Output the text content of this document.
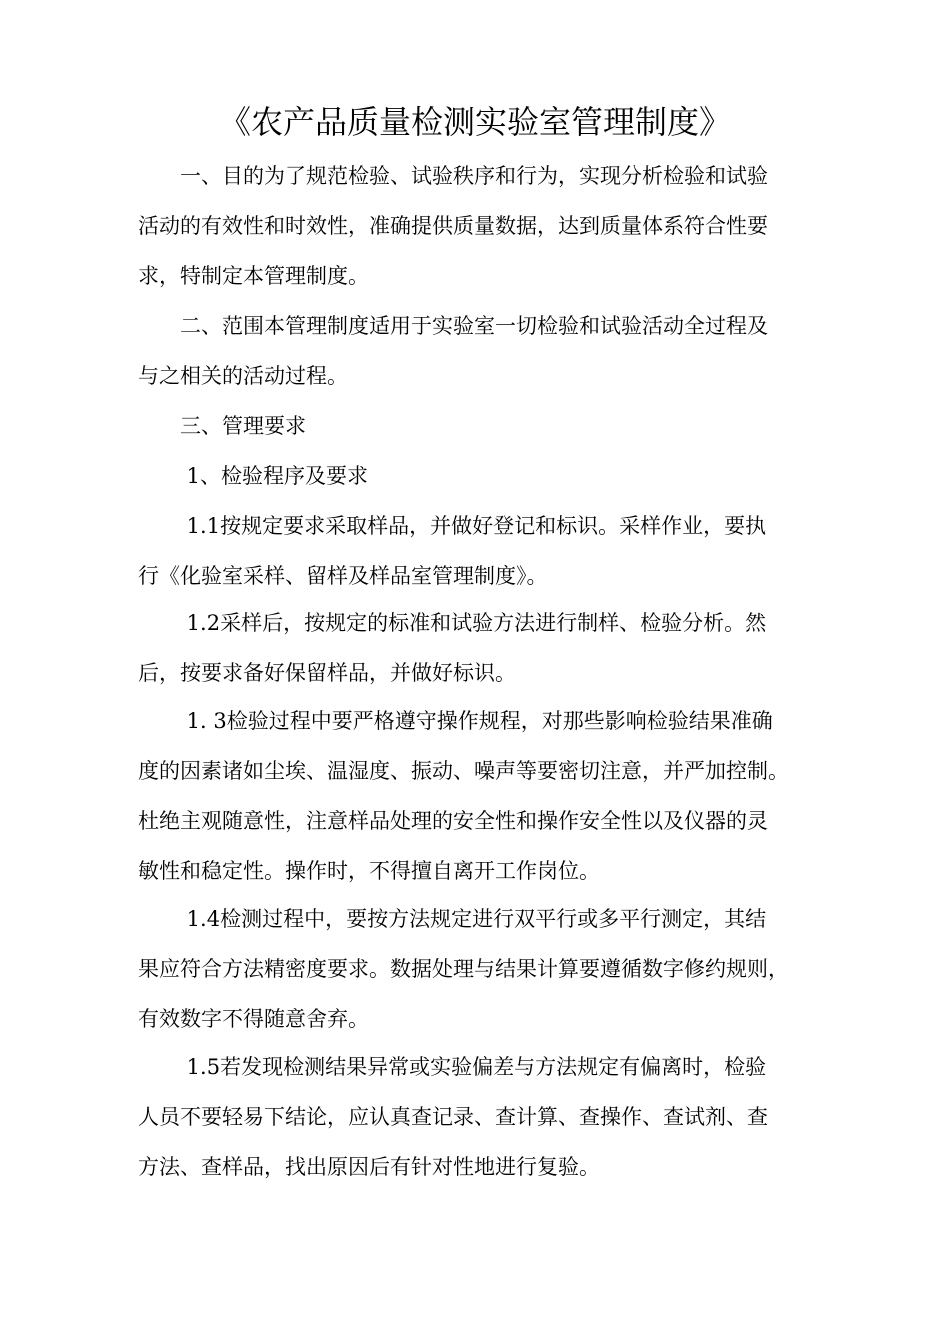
《农产品质量检测实验室管理制度》
　　一、目的为了规范检验、试验秩序和行为，实现分析检验和试验
活动的有效性和时效性，准确提供质量数据，达到质量体系符合性要
求，特制定本管理制度。
　　二、范围本管理制度适用于实验室一切检验和试验活动全过程及
与之相关的活动过程。
　　三、管理要求
　　 1、检验程序及要求
　　 1.1按规定要求采取样品，并做好登记和标识。采样作业，要执
行《化验室采样、留样及样品室管理制度》。
　　 1.2采样后，按规定的标准和试验方法进行制样、检验分析。然
后，按要求备好保留样品，并做好标识。
　　 1. 3检验过程中要严格遵守操作规程，对那些影响检验结果准确
度的因素诸如尘埃、温湿度、振动、噪声等要密切注意，并严加控制。
杜绝主观随意性，注意样品处理的安全性和操作安全性以及仪器的灵
敏性和稳定性。操作时，不得擅自离开工作岗位。
　　 1.4检测过程中，要按方法规定进行双平行或多平行测定，其结
果应符合方法精密度要求。数据处理与结果计算要遵循数字修约规则，
有效数字不得随意舍弃。
　　 1.5若发现检测结果异常或实验偏差与方法规定有偏离时，检验
人员不要轻易下结论，应认真查记录、查计算、查操作、查试剂、查
方法、查样品，找出原因后有针对性地进行复验。
